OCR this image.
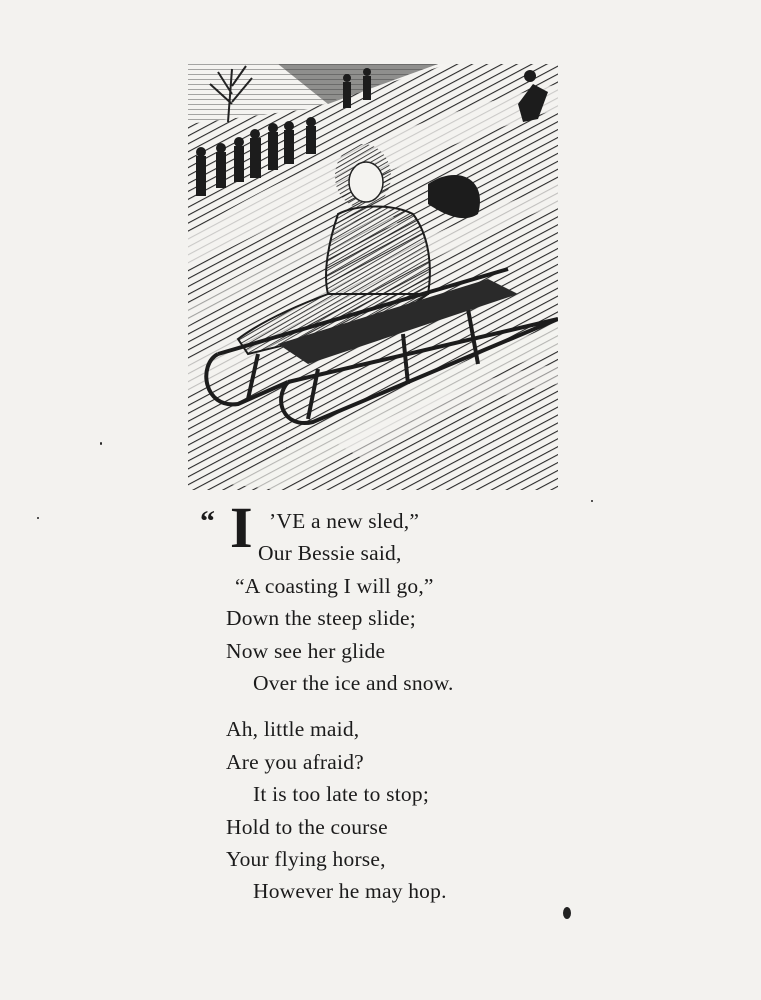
“ I ’VE a new sled,”
Our Bessie said,
“A coasting I will go,”
Down the steep slide;
Now see her glide
Over the ice and snow.
Ah, little maid,
Are you afraid?
It is too late to stop;
Hold to the course
Your flying horse,
However he may hop.
